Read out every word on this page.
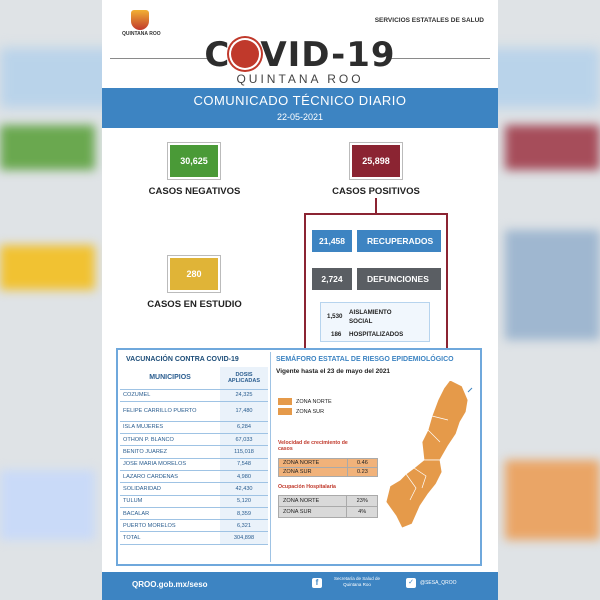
QUINTANA ROO
SERVICIOS ESTATALES DE SALUD
C VID-19
QUINTANA ROO
COMUNICADO TÉCNICO DIARIO
22-05-2021
30,625
CASOS NEGATIVOS
25,898
CASOS POSITIVOS
21,458	RECUPERADOS
2,724	DEFUNCIONES
1,530
AISLAMIENTO SOCIAL
186 HOSPITALIZADOS
280
CASOS EN ESTUDIO
VACUNACIÓN CONTRA COVID-19
MUNICIPIOS	DOSIS APLICADAS
COZUMEL	24,325
FELIPE CARRILLO PUERTO	17,480
ISLA MUJERES	6,284
OTHON P. BLANCO	67,033
BENITO JUAREZ	115,018
JOSE MARIA MORELOS	7,548
LAZARO CARDENAS	4,980
SOLIDARIDAD	42,430
TULUM	5,120
BACALAR	8,359
PUERTO MORELOS	6,321
TOTAL	304,898
SEMÁFORO ESTATAL DE RIESGO EPIDEMIOLÓGICO
Vigente hasta el 23 de mayo del 2021
ZONA NORTE
ZONA SUR
Velocidad de crecimiento de casos
ZONA NORTE	0.46
ZONA SUR	0.23
Ocupación Hospitalaria
ZONA NORTE	23%
ZONA SUR	4%
QROO.gob.mx/seso	f	Secretaría de Salud de Quintana Roo	✓	@SESA_QROO
